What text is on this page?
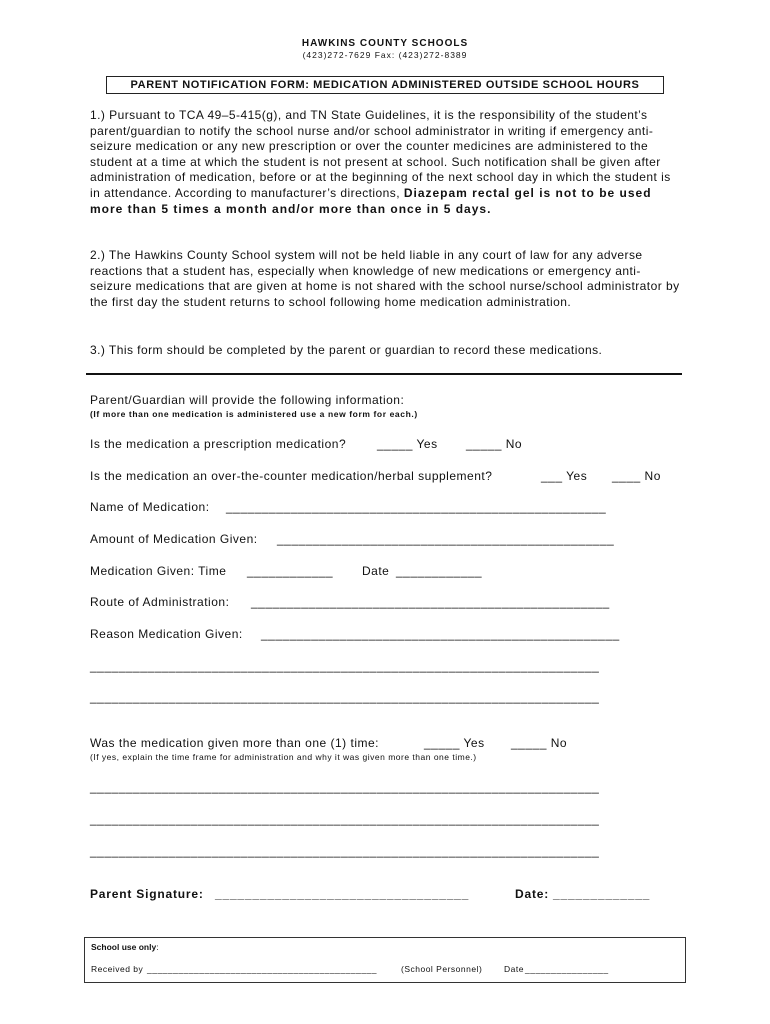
HAWKINS COUNTY SCHOOLS
(423)272-7629 Fax: (423)272-8389
PARENT NOTIFICATION FORM: MEDICATION ADMINISTERED OUTSIDE SCHOOL HOURS
1.) Pursuant to TCA 49–5-415(g), and TN State Guidelines, it is the responsibility of the student’s parent/guardian to notify the school nurse and/or school administrator in writing if emergency anti-seizure medication or any new prescription or over the counter medicines are administered to the student at a time at which the student is not present at school. Such notification shall be given after administration of medication, before or at the beginning of the next school day in which the student is in attendance. According to manufacturer’s directions, Diazepam rectal gel is not to be used more than 5 times a month and/or more than once in 5 days.
2.) The Hawkins County School system will not be held liable in any court of law for any adverse reactions that a student has, especially when knowledge of new medications or emergency anti-seizure medications that are given at home is not shared with the school nurse/school administrator by the first day the student returns to school following home medication administration.
3.) This form should be completed by the parent or guardian to record these medications.
Parent/Guardian will provide the following information:
(If more than one medication is administered use a new form for each.)
Is the medication a prescription medication?	_____ Yes _____ No
Is the medication an over-the-counter medication/herbal supplement?	___ Yes ____ No
Name of Medication: _____________________________________________________
Amount of Medication Given: _______________________________________________
Medication Given: Time ____________ Date ____________
Route of Administration: __________________________________________________
Reason Medication Given: __________________________________________________
_______________________________________________________________________
_______________________________________________________________________
Was the medication given more than one (1) time:	_____ Yes _____ No
(If yes, explain the time frame for administration and why it was given more than one time.)
_______________________________________________________________________
_______________________________________________________________________
_______________________________________________________________________
Parent Signature: __________________________________	Date: _____________
School use only:
Received by ____________________________________________	(School Personnel)	Date ________________
